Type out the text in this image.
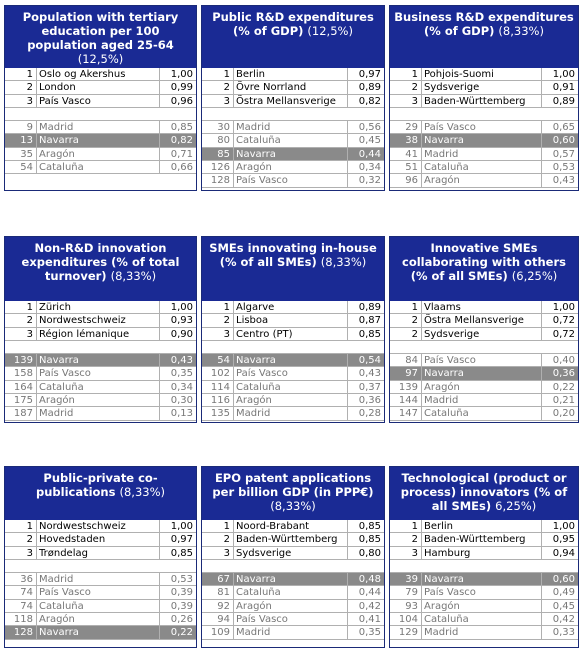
Population with tertiary education per 100 population aged 25-64 (12,5%)
1 Oslo og Akershus	1,00
2 London	0,99
3 País Vasco	0,96
9 Madrid	0,85
13 Navarra	0,82
35 Aragón	0,71
54 Cataluña	0,66
Public R&D expenditures (% of GDP) (12,5%)
1 Berlin	0,97
2 Övre Norrland	0,89
3 Östra Mellansverige	0,82
30 Madrid	0,56
80 Cataluña	0,45
85 Navarra	0,44
126 Aragón	0,34
128 País Vasco	0,32
Business R&D expenditures (% of GDP) (8,33%)
1 Pohjois-Suomi	1,00
2 Sydsverige	0,91
3 Baden-Württemberg	0,89
29 País Vasco	0,65
38 Navarra	0,60
41 Madrid	0,57
51 Cataluña	0,53
96 Aragón	0,43
Non-R&D innovation expenditures (% of total turnover) (8,33%)
1 Zürich	1,00
2 Nordwestschweiz	0,93
3 Région lémanique	0,90
139 Navarra	0,43
158 País Vasco	0,35
164 Cataluña	0,34
175 Aragón	0,30
187 Madrid	0,13
SMEs innovating in-house (% of all SMEs) (8,33%)
1 Algarve	0,89
2 Lisboa	0,87
3 Centro (PT)	0,85
54 Navarra	0,54
102 País Vasco	0,43
114 Cataluña	0,37
116 Aragón	0,36
135 Madrid	0,28
Innovative SMEs collaborating with others (% of all SMEs) (6,25%)
1 Vlaams	1,00
2 Östra Mellansverige	0,72
2 Sydsverige	0,72
84 País Vasco	0,40
97 Navarra	0,36
139 Aragón	0,22
144 Madrid	0,21
147 Cataluña	0,20
Public-private co-publications (8,33%)
1 Nordwestschweiz	1,00
2 Hovedstaden	0,97
3 Trøndelag	0,85
36 Madrid	0,53
74 País Vasco	0,39
74 Cataluña	0,39
118 Aragón	0,26
128 Navarra	0,22
EPO patent applications per billion GDP (in PPP€) (8,33%)
1 Noord-Brabant	0,85
2 Baden-Württemberg	0,85
3 Sydsverige	0,80
67 Navarra	0,48
81 Cataluña	0,44
92 Aragón	0,42
94 País Vasco	0,41
109 Madrid	0,35
Technological (product or process) innovators (% of all SMEs) 6,25%)
1 Berlin	1,00
2 Baden-Württemberg	0,95
3 Hamburg	0,94
39 Navarra	0,60
79 País Vasco	0,49
93 Aragón	0,45
104 Cataluña	0,42
129 Madrid	0,33
